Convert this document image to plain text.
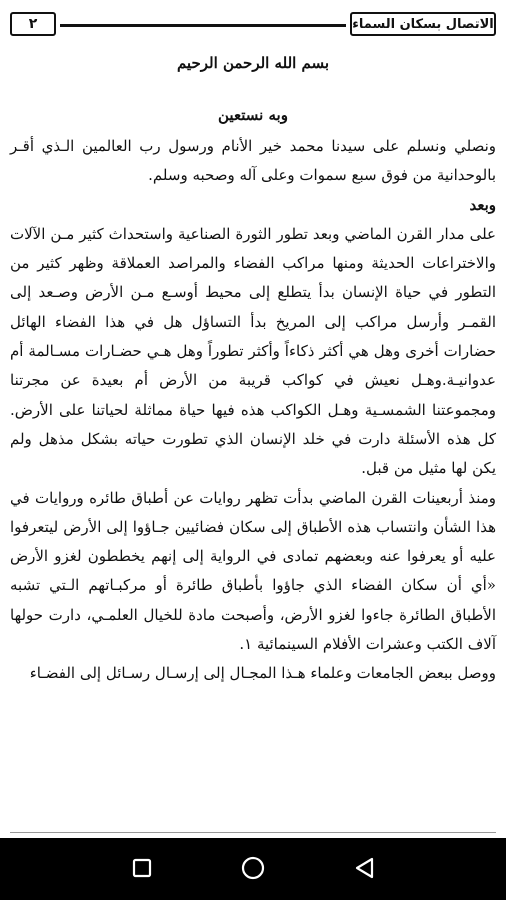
٢	الاتصال بسكان السماء
بسم الله الرحمن الرحيم
وبه نستعين

ونصلي ونسلم على سيدنا محمد خير الأنام ورسول رب العالمين الـذي أقـر بالوحدانية من فوق سبع سموات وعلى آله وصحبه وسلم.

وبعد

على مدار القرن الماضي وبعد تطور الثورة الصناعية واستحداث كثير مـن الآلات والاختراعات الحديثة ومنها مراكب الفضاء والمراصد العملاقة وظهر كثير من التطور في حياة الإنسان بدأ يتطلع إلى محيط أوسـع مـن الأرض وصـعد إلى القمـر وأرسل مراكب إلى المريخ بدأ التساؤل هل في هذا الفضاء الهائل حضارات أخرى وهل هي أكثر ذكاءاً وأكثر تطوراً وهل هـي حضـارات مسـالمة أم عدوانيـة.وهـل نعيش في كواكب قريبة من الأرض أم بعيدة عن مجرتنا ومجموعتنا الشمسـية وهـل الكواكب هذه فيها حياة مماثلة لحياتنا على الأرض. كل هذه الأسئلة دارت في خلد الإنسان الذي تطورت حياته بشكل مذهل ولم يكن لها مثيل من قبل.

ومنذ أربعينات القرن الماضي بدأت تظهر روايات عن أطباق طائره وروايات في هذا الشأن وانتساب هذه الأطباق إلى سكان فضائيين جـاؤوا إلى الأرض ليتعرفوا عليه أو يعرفوا عنه وبعضهم تمادى في الرواية إلى إنهم يخططون لغزو الأرض «أي أن سكان الفضاء الذي جاؤوا بأطباق طائرة أو مركبـاتهم الـتي تشبه الأطباق الطائرة جاءوا لغزو الأرض، وأصبحت مادة للخيال العلمـي، دارت حولها آلاف الكتب وعشرات الأفلام السينمائية ١.

ووصل ببعض الجامعات وعلماء هـذا المجـال إلى إرسـال رسـائل إلى الفضـاء
